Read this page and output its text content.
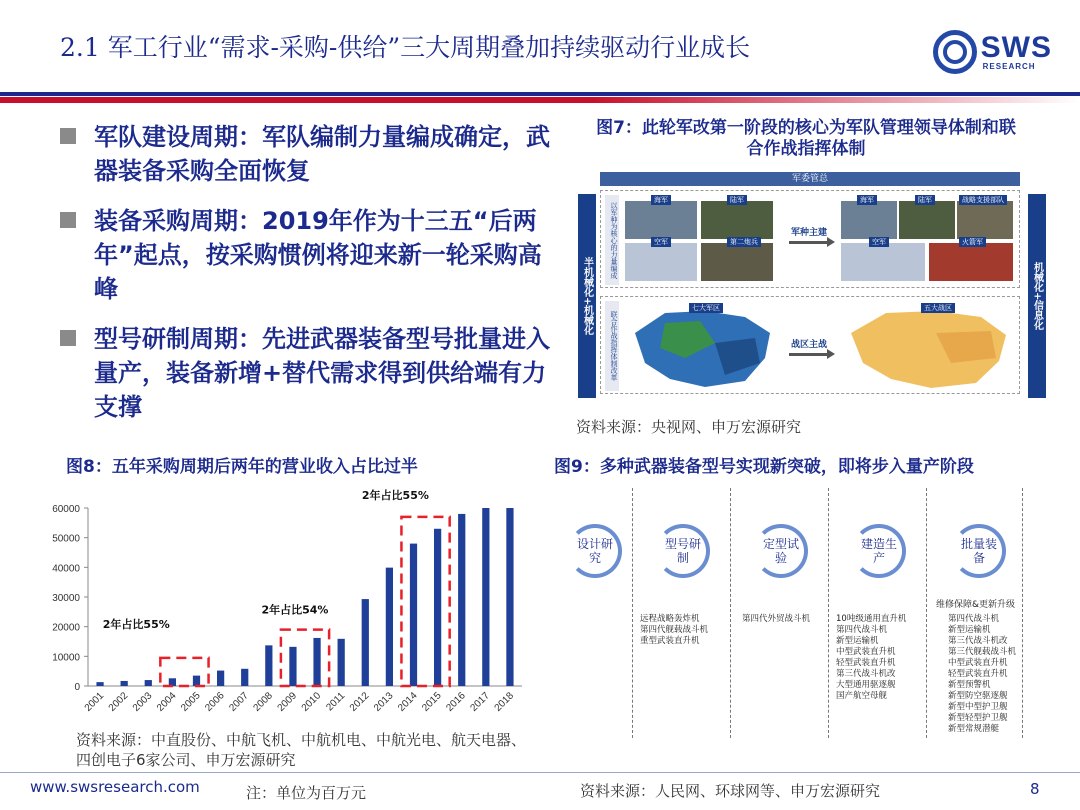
2.1 军工行业“需求-采购-供给”三大周期叠加持续驱动行业成长	SWS
RESEARCH
军队建设周期：军队编制力量编成确定，武器装备采购全面恢复
装备采购周期：2019年作为十三五“后两年”起点，按采购惯例将迎来新一轮采购高峰
型号研制周期：先进武器装备型号批量进入量产，装备新增+替代需求得到供给端有力支撑
图7：此轮军改第一阶段的核心为军队管理领导体制和联合作战指挥体制
半机械化+机械化	机械化+信息化
军委管总
以军种为核心的力量编成
海军	陆军
空军	第二炮兵
军种主建
海军	陆军	战略支援部队
空军	火箭军
联合作战指挥体制改革
七大军区
战区主战
五大战区
资料来源：央视网、申万宏源研究
图8：五年采购周期后两年的营业收入占比过半
0
10000
20000
30000
40000
50000
60000
2001 2002 2003 2004 2005 2006 2007 2008 2009 2010 2011 2012 2013 2014 2015 2016 2017 2018
2年占比55%
2年占比54%
2年占比55%
资料来源：中直股份、中航飞机、中航机电、中航光电、航天电器、四创电子6家公司、申万宏源研究
注：单位为百万元
图9：多种武器装备型号实现新突破，即将步入量产阶段
设计研究
型号研制
定型试验
建造生产
批量装备
远程战略轰炸机
第四代舰载战斗机
重型武装直升机
第四代外贸战斗机	10吨级通用直升机
第四代战斗机
新型运输机
中型武装直升机
轻型武装直升机
第三代战斗机改
大型通用驱逐舰
国产航空母舰
维修保障&更新升级
第四代战斗机
新型运输机
第三代战斗机改
第三代舰载战斗机
中型武装直升机
轻型武装直升机
新型预警机
新型防空驱逐舰
新型中型护卫舰
新型轻型护卫舰
新型常规潜艇
资料来源：人民网、环球网等、申万宏源研究
www.swsresearch.com	8
